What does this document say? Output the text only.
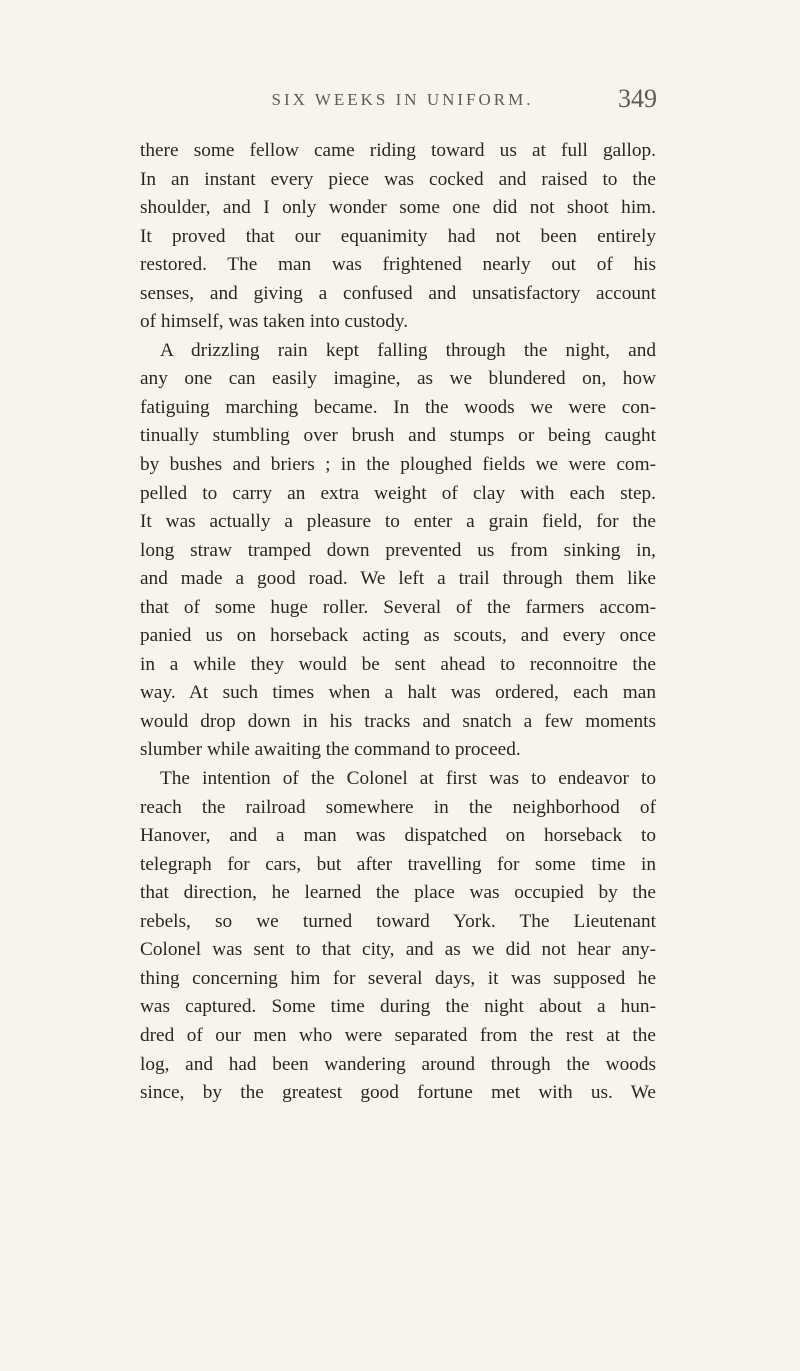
SIX WEEKS IN UNIFORM.	349
there some fellow came riding toward us at full gallop.
In an instant every piece was cocked and raised to the
shoulder, and I only wonder some one did not shoot him.
It proved that our equanimity had not been entirely
restored. The man was frightened nearly out of his
senses, and giving a confused and unsatisfactory account
of himself, was taken into custody.
A drizzling rain kept falling through the night, and
any one can easily imagine, as we blundered on, how
fatiguing marching became. In the woods we were con-
tinually stumbling over brush and stumps or being caught
by bushes and briers ; in the ploughed fields we were com-
pelled to carry an extra weight of clay with each step.
It was actually a pleasure to enter a grain field, for the
long straw tramped down prevented us from sinking in,
and made a good road. We left a trail through them like
that of some huge roller. Several of the farmers accom-
panied us on horseback acting as scouts, and every once
in a while they would be sent ahead to reconnoitre the
way. At such times when a halt was ordered, each man
would drop down in his tracks and snatch a few moments
slumber while awaiting the command to proceed.
The intention of the Colonel at first was to endeavor to
reach the railroad somewhere in the neighborhood of
Hanover, and a man was dispatched on horseback to
telegraph for cars, but after travelling for some time in
that direction, he learned the place was occupied by the
rebels, so we turned toward York. The Lieutenant
Colonel was sent to that city, and as we did not hear any-
thing concerning him for several days, it was supposed he
was captured. Some time during the night about a hun-
dred of our men who were separated from the rest at the
log, and had been wandering around through the woods
since, by the greatest good fortune met with us. We
